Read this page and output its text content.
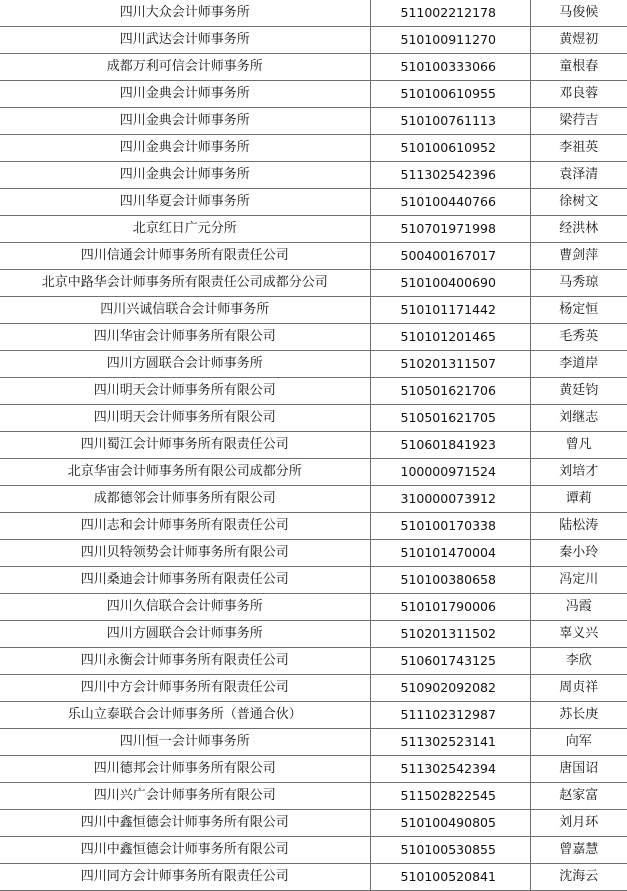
四川大众会计师事务所	511002212178	马俊候
四川武达会计师事务所	510100911270	黄煜初
成都万利可信会计师事务所	510100333066	童根春
四川金典会计师事务所	510100610955	邓良蓉
四川金典会计师事务所	510100761113	梁荇吉
四川金典会计师事务所	510100610952	李祖英
四川金典会计师事务所	511302542396	袁泽清
四川华夏会计师事务所	510100440766	徐树文
北京红日广元分所	510701971998	经洪林
四川信通会计师事务所有限责任公司	500400167017	曹剑萍
北京中路华会计师事务所有限责任公司成都分公司	510100400690	马秀琼
四川兴诚信联合会计师事务所	510101171442	杨定恒
四川华宙会计师事务所有限公司	510101201465	毛秀英
四川方圆联合会计师事务所	510201311507	李道岸
四川明天会计师事务所有限公司	510501621706	黄廷钧
四川明天会计师事务所有限公司	510501621705	刘继志
四川蜀江会计师事务所有限责任公司	510601841923	曾凡
北京华宙会计师事务所有限公司成都分所	100000971524	刘培才
成都德邻会计师事务所有限公司	310000073912	谭莉
四川志和会计师事务所有限责任公司	510100170338	陆松涛
四川贝特领势会计师事务所有限公司	510101470004	秦小玲
四川桑迪会计师事务所有限责任公司	510100380658	冯定川
四川久信联合会计师事务所	510101790006	冯霞
四川方圆联合会计师事务所	510201311502	辜义兴
四川永衡会计师事务所有限责任公司	510601743125	李欣
四川中方会计师事务所有限责任公司	510902092082	周贞祥
乐山立泰联合会计师事务所（普通合伙）	511102312987	苏长庚
四川恒一会计师事务所	511302523141	向军
四川德邦会计师事务所有限公司	511302542394	唐国诏
四川兴广会计师事务所有限公司	511502822545	赵家富
四川中鑫恒德会计师事务所有限公司	510100490805	刘月环
四川中鑫恒德会计师事务所有限公司	510100530855	曾嘉慧
四川同方会计师事务所有限责任公司	510100520841	沈海云
